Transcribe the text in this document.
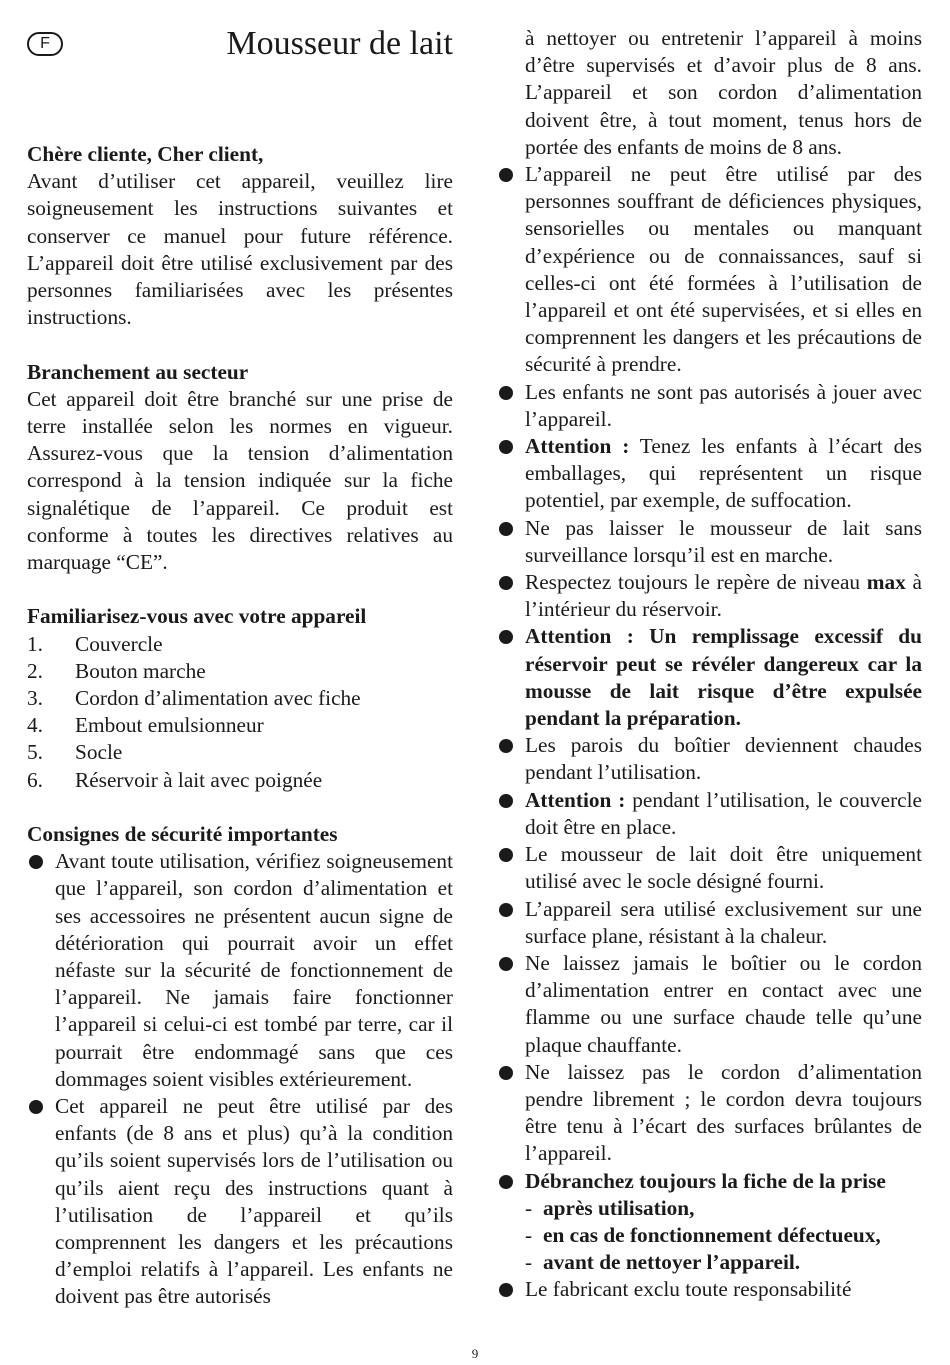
F	Mousseur de lait

Chère cliente, Cher client,

Avant d’utiliser cet appareil, veuillez lire soigneusement les instructions suivantes et conserver ce manuel pour future référence. L’appareil doit être utilisé exclusivement par des personnes familiarisées avec les présentes instructions.

Branchement au secteur

Cet appareil doit être branché sur une prise de terre installée selon les normes en vigueur. Assurez-vous que la tension d’alimentation correspond à la tension indiquée sur la fiche signalétique de l’appareil. Ce produit est conforme à toutes les directives relatives au marquage “CE”.

Familiarisez-vous avec votre appareil

1.	Couvercle
2.	Bouton marche
3.	Cordon d’alimentation avec fiche
4.	Embout emulsionneur
5.	Socle
6.	Réservoir à lait avec poignée

Consignes de sécurité importantes

Avant toute utilisation, vérifiez soigneusement que l’appareil, son cordon d’alimentation et ses accessoires ne présentent aucun signe de détérioration qui pourrait avoir un effet néfaste sur la sécurité de fonctionnement de l’appareil. Ne jamais faire fonctionner l’appareil si celui-ci est tombé par terre, car il pourrait être endommagé sans que ces dommages soient visibles extérieurement.
Cet appareil ne peut être utilisé par des enfants (de 8 ans et plus) qu’à la condition qu’ils soient supervisés lors de l’utilisation ou qu’ils aient reçu des instructions quant à l’utilisation de l’appareil et qu’ils comprennent les dangers et les précautions d’emploi relatifs à l’appareil. Les enfants ne doivent pas être autorisés

à nettoyer ou entretenir l’appareil à moins d’être supervisés et d’avoir plus de 8 ans. L’appareil et son cordon d’alimentation doivent être, à tout moment, tenus hors de portée des enfants de moins de 8 ans.

L’appareil ne peut être utilisé par des personnes souffrant de déficiences physiques, sensorielles ou mentales ou manquant d’expérience ou de connaissances, sauf si celles-ci ont été formées à l’utilisation de l’appareil et ont été supervisées, et si elles en comprennent les dangers et les précautions de sécurité à prendre.
Les enfants ne sont pas autorisés à jouer avec l’appareil.
Attention : Tenez les enfants à l’écart des emballages, qui représentent un risque potentiel, par exemple, de suffocation.
Ne pas laisser le mousseur de lait sans surveillance lorsqu’il est en marche.
Respectez toujours le repère de niveau max à l’intérieur du réservoir.
Attention : Un remplissage excessif du réservoir peut se révéler dangereux car la mousse de lait risque d’être expulsée pendant la préparation.
Les parois du boîtier deviennent chaudes pendant l’utilisation.
Attention : pendant l’utilisation, le couvercle doit être en place.
Le mousseur de lait doit être uniquement utilisé avec le socle désigné fourni.
L’appareil sera utilisé exclusivement sur une surface plane, résistant à la chaleur.
Ne laissez jamais le boîtier ou le cordon d’alimentation entrer en contact avec une flamme ou une surface chaude telle qu’une plaque chauffante.
Ne laissez pas le cordon d’alimentation pendre librement ; le cordon devra toujours être tenu à l’écart des surfaces brûlantes de l’appareil.
Débranchez toujours la fiche de la prise
- après utilisation,
- en cas de fonctionnement défectueux,
- avant de nettoyer l’appareil.
Le fabricant exclu toute responsabilité
9
